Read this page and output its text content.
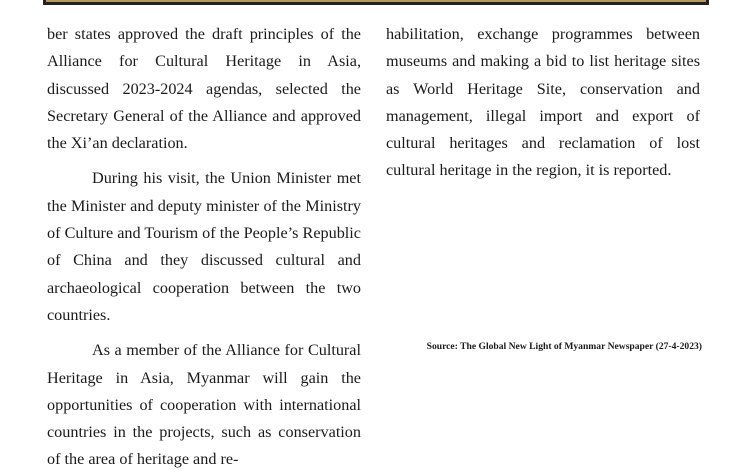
ber states approved the draft principles of the Alliance for Cultural Heritage in Asia, discussed 2023-2024 agendas, selected the Secretary General of the Alliance and approved the Xi’an declaration.

During his visit, the Union Minister met the Minister and deputy minister of the Ministry of Culture and Tourism of the People’s Republic of China and they discussed cultural and archaeological cooperation between the two countries.

As a member of the Alliance for Cultural Heritage in Asia, Myanmar will gain the opportunities of cooperation with international countries in the projects, such as conservation of the area of heritage and re-

habilitation, exchange programmes between museums and making a bid to list heritage sites as World Heritage Site, conservation and management, illegal import and export of cultural heritages and reclamation of lost cultural heritage in the region, it is reported.

Source: The Global New Light of Myanmar Newspaper (27-4-2023)
